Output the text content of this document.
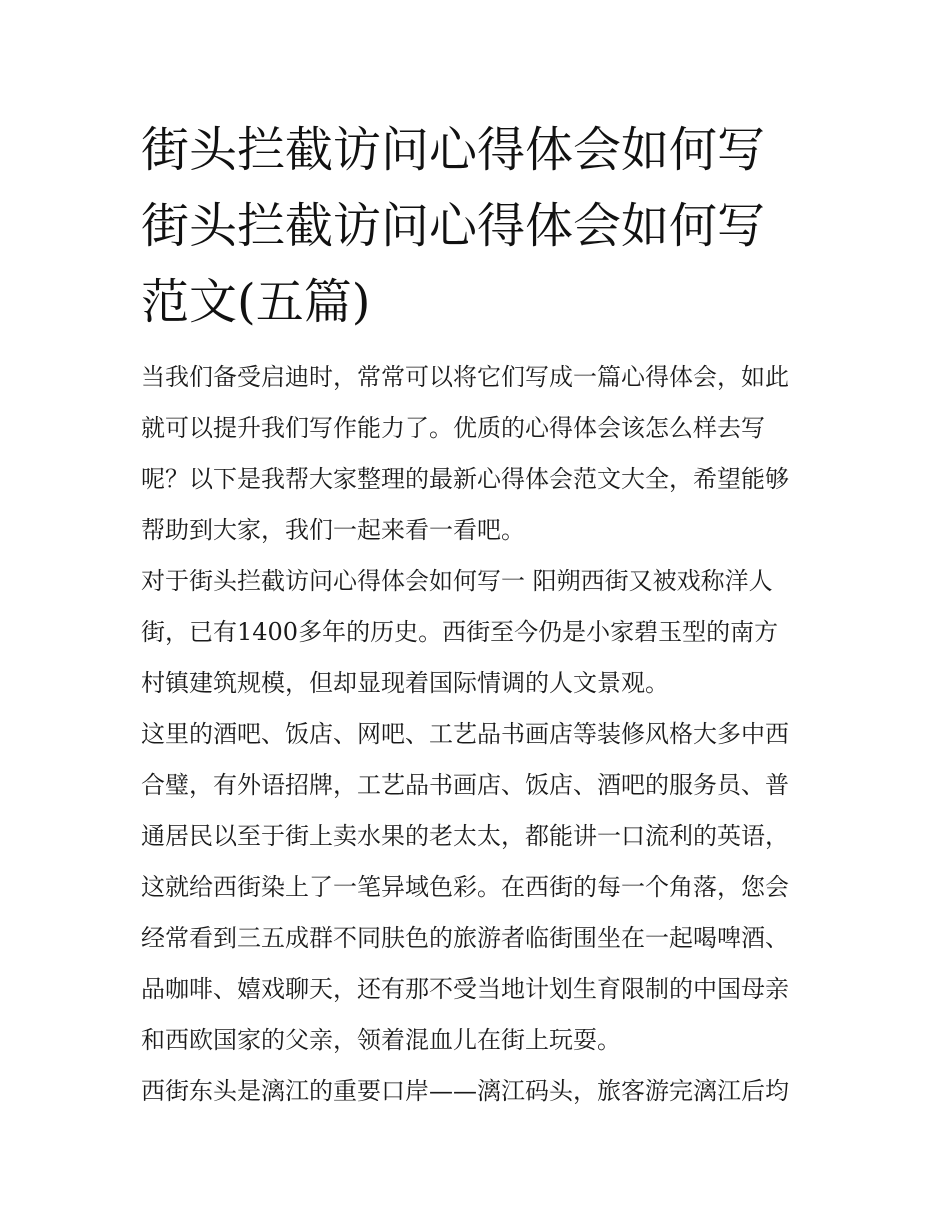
街头拦截访问心得体会如何写
街头拦截访问心得体会如何写
范文(五篇)

当我们备受启迪时，常常可以将它们写成一篇心得体会，如此
就可以提升我们写作能力了。优质的心得体会该怎么样去写
呢？以下是我帮大家整理的最新心得体会范文大全，希望能够
帮助到大家，我们一起来看一看吧。

对于街头拦截访问心得体会如何写一 阳朔西街又被戏称洋人
街，已有1400多年的历史。西街至今仍是小家碧玉型的南方
村镇建筑规模，但却显现着国际情调的人文景观。

这里的酒吧、饭店、网吧、工艺品书画店等装修风格大多中西
合璧，有外语招牌，工艺品书画店、饭店、酒吧的服务员、普
通居民以至于街上卖水果的老太太，都能讲一口流利的英语，
这就给西街染上了一笔异域色彩。在西街的每一个角落，您会
经常看到三五成群不同肤色的旅游者临街围坐在一起喝啤酒、
品咖啡、嬉戏聊天，还有那不受当地计划生育限制的中国母亲
和西欧国家的父亲，领着混血儿在街上玩耍。

西街东头是漓江的重要口岸——漓江码头，旅客游完漓江后均
